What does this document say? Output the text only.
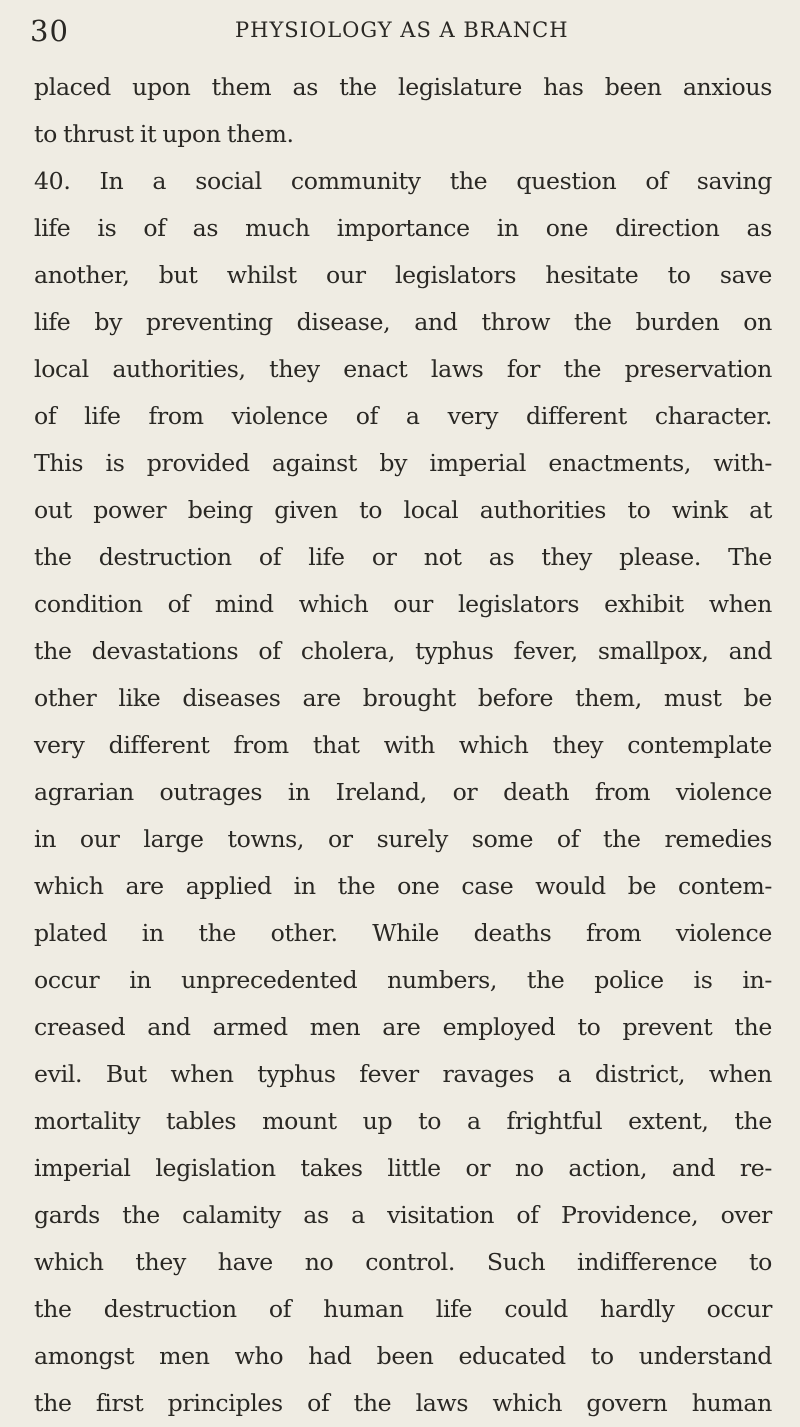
30	PHYSIOLOGY AS A BRANCH
placed upon them as the legislature has been anxious
to thrust it upon them.
40. In a social community the question of saving
life is of as much importance in one direction as
another, but whilst our legislators hesitate to save
life by preventing disease, and throw the burden on
local authorities, they enact laws for the preservation
of life from violence of a very different character.
This is provided against by imperial enactments, with-
out power being given to local authorities to wink at
the destruction of life or not as they please. The
condition of mind which our legislators exhibit when
the devastations of cholera, typhus fever, smallpox, and
other like diseases are brought before them, must be
very different from that with which they contemplate
agrarian outrages in Ireland, or death from violence
in our large towns, or surely some of the remedies
which are applied in the one case would be contem-
plated in the other. While deaths from violence
occur in unprecedented numbers, the police is in-
creased and armed men are employed to prevent the
evil. But when typhus fever ravages a district, when
mortality tables mount up to a frightful extent, the
imperial legislation takes little or no action, and re-
gards the calamity as a visitation of Providence, over
which they have no control. Such indifference to
the destruction of human life could hardly occur
amongst men who had been educated to understand
the first principles of the laws which govern human
